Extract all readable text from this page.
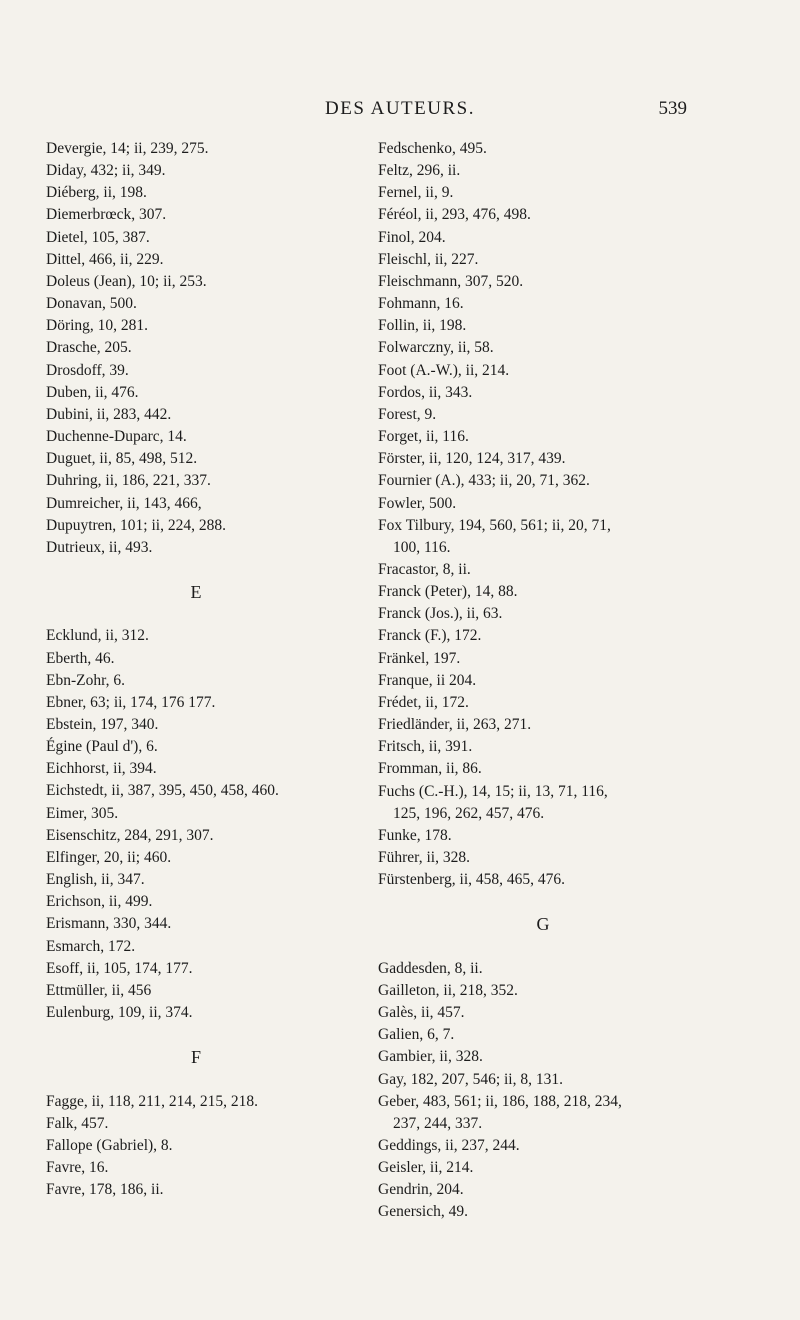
DES AUTEURS.	539
Devergie, 14; ii, 239, 275.
Diday, 432; ii, 349.
Diéberg, ii, 198.
Diemerbrœck, 307.
Dietel, 105, 387.
Dittel, 466, ii, 229.
Doleus (Jean), 10; ii, 253.
Donavan, 500.
Döring, 10, 281.
Drasche, 205.
Drosdoff, 39.
Duben, ii, 476.
Dubini, ii, 283, 442.
Duchenne-Duparc, 14.
Duguet, ii, 85, 498, 512.
Duhring, ii, 186, 221, 337.
Dumreicher, ii, 143, 466,
Dupuytren, 101; ii, 224, 288.
Dutrieux, ii, 493.
E
Ecklund, ii, 312.
Eberth, 46.
Ebn-Zohr, 6.
Ebner, 63; ii, 174, 176 177.
Ebstein, 197, 340.
Égine (Paul d'), 6.
Eichhorst, ii, 394.
Eichstedt, ii, 387, 395, 450, 458, 460.
Eimer, 305.
Eisenschitz, 284, 291, 307.
Elfinger, 20, ii; 460.
English, ii, 347.
Erichson, ii, 499.
Erismann, 330, 344.
Esmarch, 172.
Esoff, ii, 105, 174, 177.
Ettmüller, ii, 456
Eulenburg, 109, ii, 374.
F
Fagge, ii, 118, 211, 214, 215, 218.
Falk, 457.
Fallope (Gabriel), 8.
Favre, 16.
Favre, 178, 186, ii.
Fedschenko, 495.
Feltz, 296, ii.
Fernel, ii, 9.
Féréol, ii, 293, 476, 498.
Finol, 204.
Fleischl, ii, 227.
Fleischmann, 307, 520.
Fohmann, 16.
Follin, ii, 198.
Folwarczny, ii, 58.
Foot (A.-W.), ii, 214.
Fordos, ii, 343.
Forest, 9.
Forget, ii, 116.
Förster, ii, 120, 124, 317, 439.
Fournier (A.), 433; ii, 20, 71, 362.
Fowler, 500.
Fox Tilbury, 194, 560, 561; ii, 20, 71,
100, 116.
Fracastor, 8, ii.
Franck (Peter), 14, 88.
Franck (Jos.), ii, 63.
Franck (F.), 172.
Fränkel, 197.
Franque, ii 204.
Frédet, ii, 172.
Friedländer, ii, 263, 271.
Fritsch, ii, 391.
Fromman, ii, 86.
Fuchs (C.-H.), 14, 15; ii, 13, 71, 116,
125, 196, 262, 457, 476.
Funke, 178.
Führer, ii, 328.
Fürstenberg, ii, 458, 465, 476.
G
Gaddesden, 8, ii.
Gailleton, ii, 218, 352.
Galès, ii, 457.
Galien, 6, 7.
Gambier, ii, 328.
Gay, 182, 207, 546; ii, 8, 131.
Geber, 483, 561; ii, 186, 188, 218, 234,
237, 244, 337.
Geddings, ii, 237, 244.
Geisler, ii, 214.
Gendrin, 204.
Genersich, 49.
